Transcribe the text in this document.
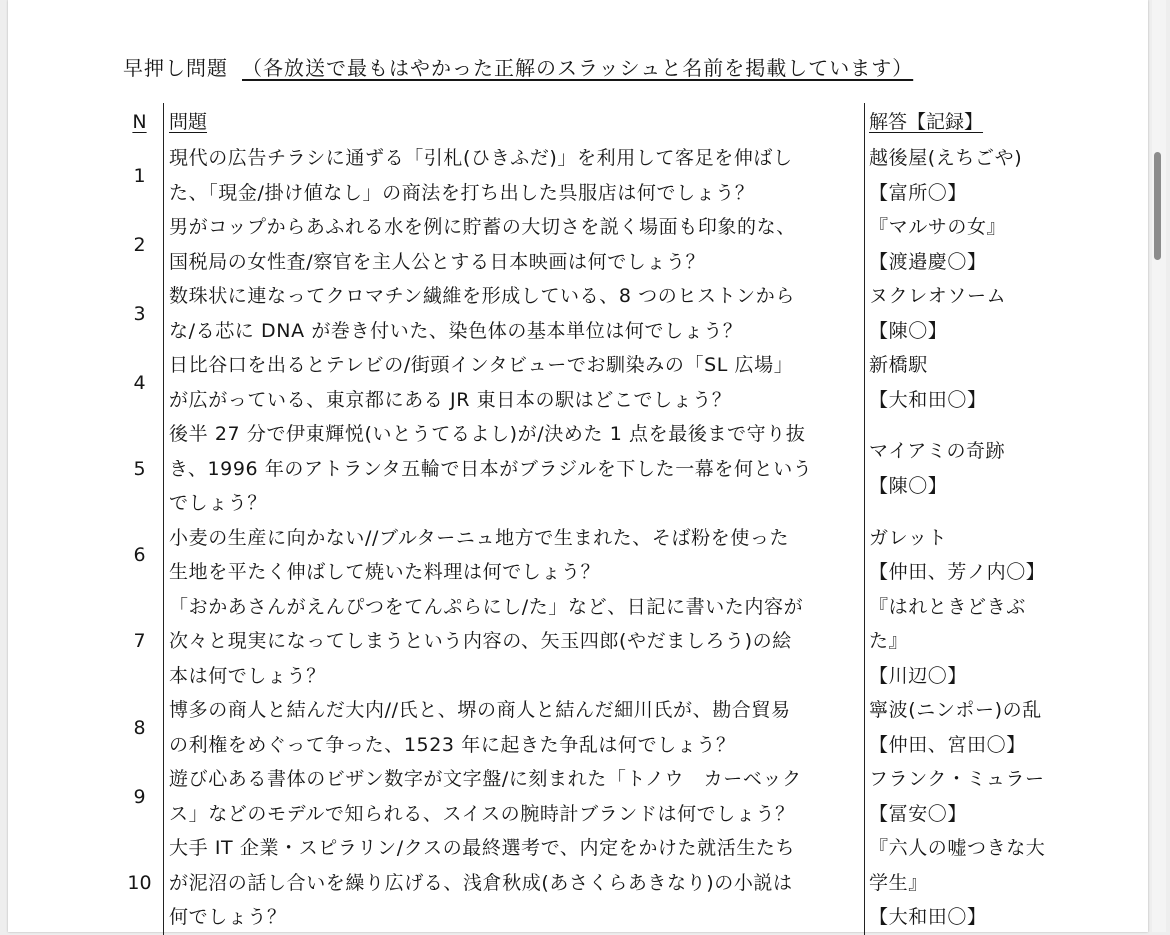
早押し問題 （各放送で最もはやかった正解のスラッシュと名前を掲載しています）
N	問題	解答【記録】
1	現代の広告チラシに通ずる「引札(ひきふだ)」を利用して客足を伸ばし
た、「現金/掛け値なし」の商法を打ち出した呉服店は何でしょう？	越後屋(えちごや)
【富所〇】

2	男がコップからあふれる水を例に貯蓄の大切さを説く場面も印象的な、
国税局の女性査/察官を主人公とする日本映画は何でしょう？	『マルサの女』
【渡邉慶〇】

3	数珠状に連なってクロマチン繊維を形成している、8 つのヒストンから
な/る芯に DNA が巻き付いた、染色体の基本単位は何でしょう？	ヌクレオソーム
【陳〇】

4	日比谷口を出るとテレビの/街頭インタビューでお馴染みの「SL 広場」
が広がっている、東京都にある JR 東日本の駅はどこでしょう？	新橋駅
【大和田〇】

5	後半 27 分で伊東輝悦(いとうてるよし)が/決めた 1 点を最後まで守り抜
き、1996 年のアトランタ五輪で日本がブラジルを下した一幕を何という
でしょう？	マイアミの奇跡
【陳〇】

6	小麦の生産に向かない//ブルターニュ地方で生まれた、そば粉を使った
生地を平たく伸ばして焼いた料理は何でしょう？	ガレット
【仲田、芳ノ内〇】

7	「おかあさんがえんぴつをてんぷらにし/た」など、日記に書いた内容が
次々と現実になってしまうという内容の、矢玉四郎(やだましろう)の絵
本は何でしょう？	『はれときどきぶ
た』
【川辺〇】

8	博多の商人と結んだ大内//氏と、堺の商人と結んだ細川氏が、勘合貿易
の利権をめぐって争った、1523 年に起きた争乱は何でしょう？	寧波(ニンポー)の乱
【仲田、宮田〇】

9	遊び心ある書体のビザン数字が文字盤/に刻まれた「トノウ　カーベック
ス」などのモデルで知られる、スイスの腕時計ブランドは何でしょう？	フランク・ミュラー
【冨安〇】

10	大手 IT 企業・スピラリン/クスの最終選考で、内定をかけた就活生たち
が泥沼の話し合いを繰り広げる、浅倉秋成(あさくらあきなり)の小説は
何でしょう？	『六人の嘘つきな大
学生』
【大和田〇】
